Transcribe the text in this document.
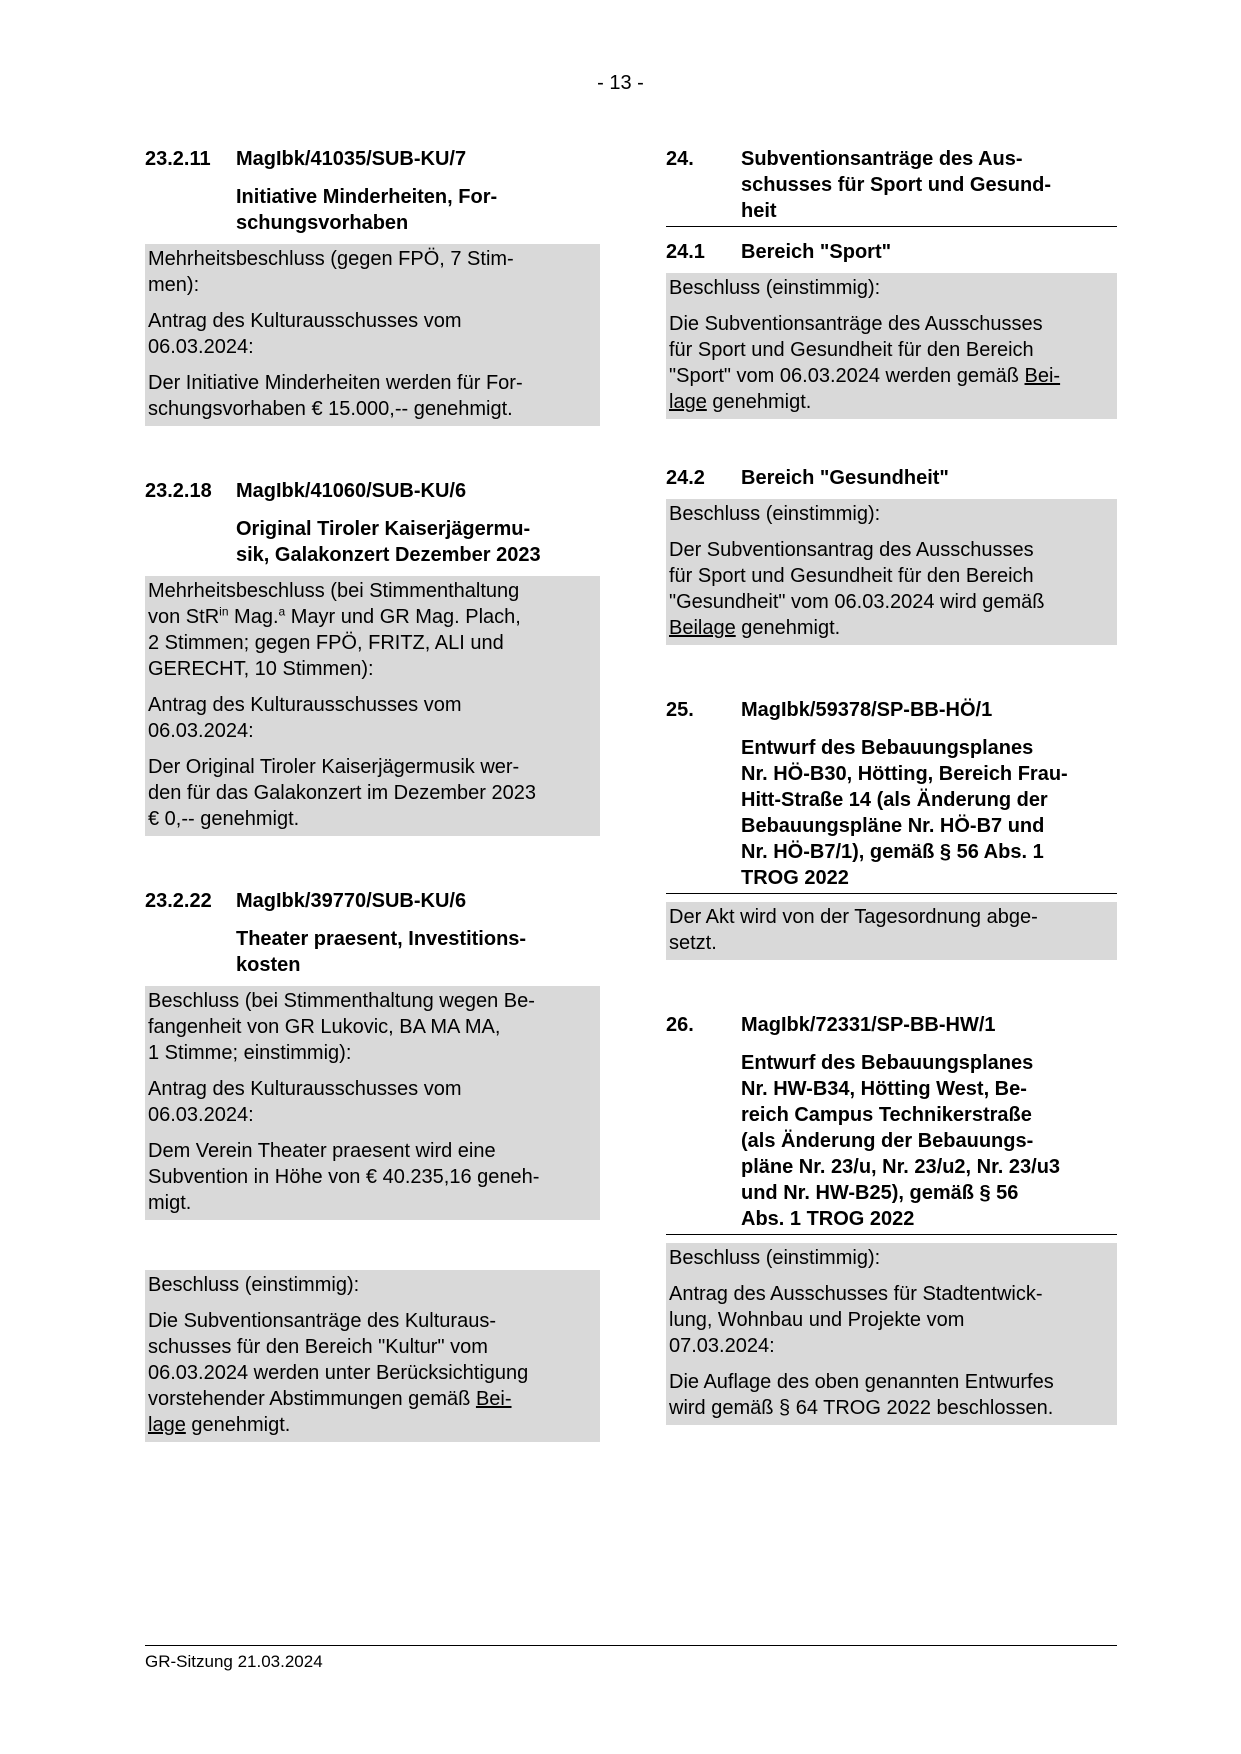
- 13 -
23.2.11	MagIbk/41035/SUB-KU/7
Initiative Minderheiten, For-
schungsvorhaben

Mehrheitsbeschluss (gegen FPÖ, 7 Stim-
men):

Antrag des Kulturausschusses vom
06.03.2024:

Der Initiative Minderheiten werden für For-
schungsvorhaben € 15.000,-- genehmigt.

23.2.18	MagIbk/41060/SUB-KU/6
Original Tiroler Kaiserjägermu-
sik, Galakonzert Dezember 2023

Mehrheitsbeschluss (bei Stimmenthaltung
von StR$^{in}$ Mag.$^a$ Mayr und GR Mag. Plach,
2 Stimmen; gegen FPÖ, FRITZ, ALI und
GERECHT, 10 Stimmen):

Antrag des Kulturausschusses vom
06.03.2024:

Der Original Tiroler Kaiserjägermusik wer-
den für das Galakonzert im Dezember 2023
€ 0,-- genehmigt.

23.2.22	MagIbk/39770/SUB-KU/6
Theater praesent, Investitions-
kosten

Beschluss (bei Stimmenthaltung wegen Be-
fangenheit von GR Lukovic, BA MA MA,
1 Stimme; einstimmig):

Antrag des Kulturausschusses vom
06.03.2024:

Dem Verein Theater praesent wird eine
Subvention in Höhe von € 40.235,16 geneh-
migt.

Beschluss (einstimmig):

Die Subventionsanträge des Kulturaus-
schusses für den Bereich "Kultur" vom
06.03.2024 werden unter Berücksichtigung
vorstehender Abstimmungen gemäß Bei-
lage genehmigt.

24.	Subventionsanträge des Aus-
schusses für Sport und Gesund-
heit
24.1	Bereich "Sport"

Beschluss (einstimmig):

Die Subventionsanträge des Ausschusses
für Sport und Gesundheit für den Bereich
"Sport" vom 06.03.2024 werden gemäß Bei-
lage genehmigt.

24.2	Bereich "Gesundheit"

Beschluss (einstimmig):

Der Subventionsantrag des Ausschusses
für Sport und Gesundheit für den Bereich
"Gesundheit" vom 06.03.2024 wird gemäß
Beilage genehmigt.

25.	MagIbk/59378/SP-BB-HÖ/1
Entwurf des Bebauungsplanes
Nr. HÖ-B30, Hötting, Bereich Frau-
Hitt-Straße 14 (als Änderung der
Bebauungspläne Nr. HÖ-B7 und
Nr. HÖ-B7/1), gemäß § 56 Abs. 1
TROG 2022

Der Akt wird von der Tagesordnung abge-
setzt.

26.	MagIbk/72331/SP-BB-HW/1
Entwurf des Bebauungsplanes
Nr. HW-B34, Hötting West, Be-
reich Campus Technikerstraße
(als Änderung der Bebauungs-
pläne Nr. 23/u, Nr. 23/u2, Nr. 23/u3
und Nr. HW-B25), gemäß § 56
Abs. 1 TROG 2022

Beschluss (einstimmig):

Antrag des Ausschusses für Stadtentwick-
lung, Wohnbau und Projekte vom
07.03.2024:

Die Auflage des oben genannten Entwurfes
wird gemäß § 64 TROG 2022 beschlossen.

GR-Sitzung 21.03.2024
